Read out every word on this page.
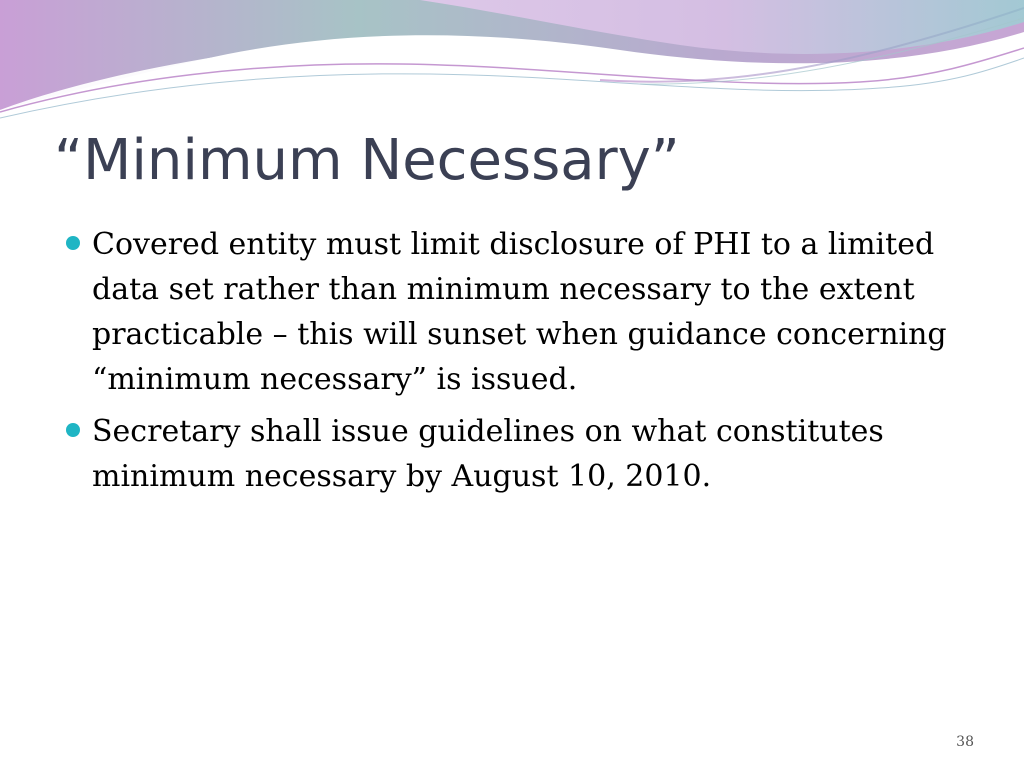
“Minimum Necessary”
Covered entity must limit disclosure of PHI to a limited data set rather than minimum necessary to the extent practicable – this will sunset when guidance concerning “minimum necessary” is issued.
Secretary shall issue guidelines on what constitutes minimum necessary by August 10, 2010.
38
